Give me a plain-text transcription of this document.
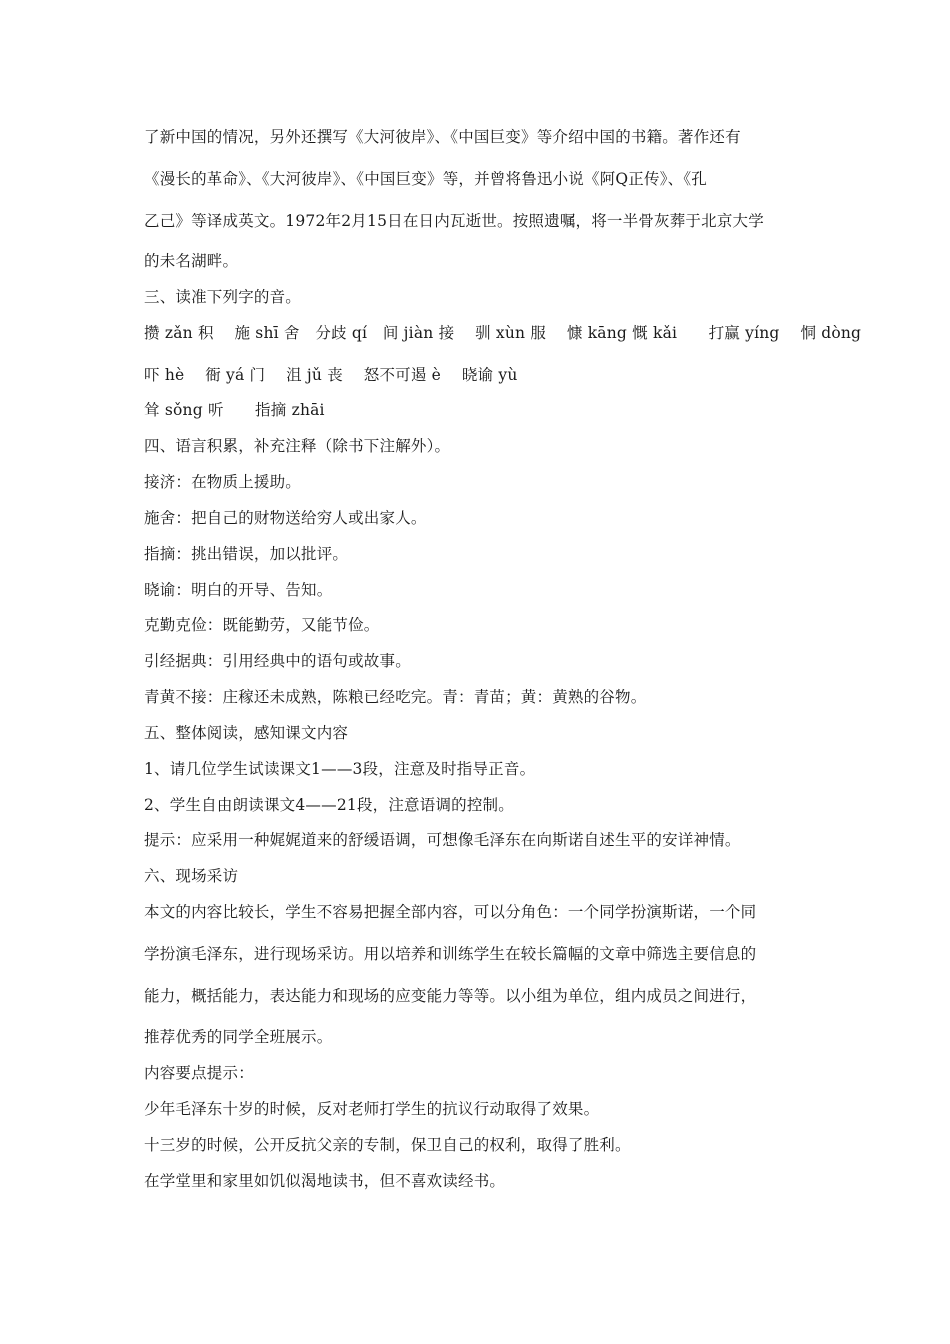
了新中国的情况，另外还撰写《大河彼岸》、《中国巨变》等介绍中国的书籍。著作还有
《漫长的革命》、《大河彼岸》、《中国巨变》等，并曾将鲁迅小说《阿Q正传》、《孔
乙己》等译成英文。1972年2月15日在日内瓦逝世。按照遗嘱，将一半骨灰葬于北京大学
的未名湖畔。
三、读准下列字的音。
攒 zǎn 积　 施 shī 舍　分歧 qí　间 jiàn 接　 驯 xùn 服　 慷 kāng 慨 kǎi　　打赢 yíng　 恫 dòng
吓 hè　 衙 yá 门　 沮 jǔ 丧　 怒不可遏 è　 晓谕 yù
耸 sǒng 听　　指摘 zhāi
四、语言积累，补充注释（除书下注解外）。
接济：在物质上援助。
施舍：把自己的财物送给穷人或出家人。
指摘：挑出错误，加以批评。
晓谕：明白的开导、告知。
克勤克俭：既能勤劳，又能节俭。
引经据典：引用经典中的语句或故事。
青黄不接：庄稼还未成熟，陈粮已经吃完。青：青苗；黄：黄熟的谷物。
五、整体阅读，感知课文内容
1、请几位学生试读课文1——3段，注意及时指导正音。
2、学生自由朗读课文4——21段，注意语调的控制。
提示：应采用一种娓娓道来的舒缓语调，可想像毛泽东在向斯诺自述生平的安详神情。
六、现场采访
本文的内容比较长，学生不容易把握全部内容，可以分角色：一个同学扮演斯诺，一个同
学扮演毛泽东，进行现场采访。用以培养和训练学生在较长篇幅的文章中筛选主要信息的
能力，概括能力，表达能力和现场的应变能力等等。以小组为单位，组内成员之间进行，
推荐优秀的同学全班展示。
内容要点提示：
少年毛泽东十岁的时候，反对老师打学生的抗议行动取得了效果。
十三岁的时候，公开反抗父亲的专制，保卫自己的权利，取得了胜利。
在学堂里和家里如饥似渴地读书，但不喜欢读经书。
